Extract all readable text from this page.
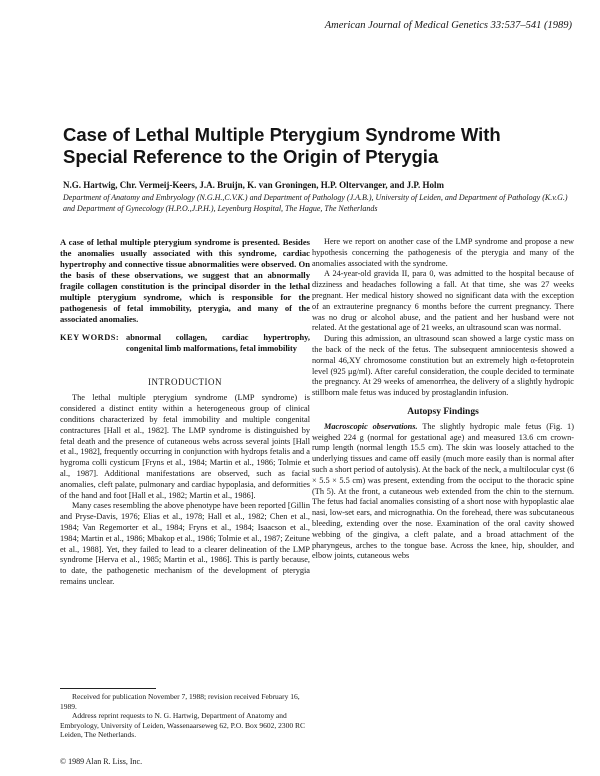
American Journal of Medical Genetics 33:537–541 (1989)
Case of Lethal Multiple Pterygium Syndrome With Special Reference to the Origin of Pterygia
N.G. Hartwig, Chr. Vermeij-Keers, J.A. Bruijn, K. van Groningen, H.P. Oltervanger, and J.P. Holm
Department of Anatomy and Embryology (N.G.H.,C.V.K.) and Department of Pathology (J.A.B.), University of Leiden, and Department of Pathology (K.v.G.) and Department of Gynecology (H.P.O.,J.P.H.), Leyenburg Hospital, The Hague, The Netherlands

A case of lethal multiple pterygium syndrome is presented. Besides the anomalies usually associated with this syndrome, cardiac hypertrophy and connective tissue abnormalities were observed. On the basis of these observations, we suggest that an abnormally fragile collagen constitution is the principal disorder in the lethal multiple pterygium syndrome, which is responsible for the pathogenesis of fetal immobility, pterygia, and many of the associated anomalies.

KEY WORDS: abnormal collagen, cardiac hypertrophy, congenital limb malformations, fetal immobility
INTRODUCTION

The lethal multiple pterygium syndrome (LMP syndrome) is considered a distinct entity within a heterogeneous group of clinical conditions characterized by fetal immobility and multiple congenital contractures [Hall et al., 1982]. The LMP syndrome is distinguished by fetal death and the presence of cutaneous webs across several joints [Hall et al., 1982], frequently occurring in conjunction with hydrops fetalis and a hygroma colli cysticum [Fryns et al., 1984; Martin et al., 1986; Tolmie et al., 1987]. Additional manifestations are observed, such as facial anomalies, cleft palate, pulmonary and cardiac hypoplasia, and deformities of the hand and foot [Hall et al., 1982; Martin et al., 1986].

Many cases resembling the above phenotype have been reported [Gillin and Pryse-Davis, 1976; Elias et al., 1978; Hall et al., 1982; Chen et al., 1984; Van Regemorter et al., 1984; Fryns et al., 1984; Isaacson et al., 1984; Martin et al., 1986; Mbakop et al., 1986; Tolmie et al., 1987; Zeitune et al., 1988]. Yet, they failed to lead to a clearer delineation of the LMP syndrome [Herva et al., 1985; Martin et al., 1986]. This is partly because, to date, the pathogenetic mechanism of the development of pterygia remains unclear.

Here we report on another case of the LMP syndrome and propose a new hypothesis concerning the pathogenesis of the pterygia and many of the anomalies associated with the syndrome.

A 24-year-old gravida II, para 0, was admitted to the hospital because of dizziness and headaches following a fall. At that time, she was 27 weeks pregnant. Her medical history showed no significant data with the exception of an extrauterine pregnancy 6 months before the current pregnancy. There was no drug or alcohol abuse, and the patient and her husband were not related. At the gestational age of 21 weeks, an ultrasound scan was normal.

During this admission, an ultrasound scan showed a large cystic mass on the back of the neck of the fetus. The subsequent amniocentesis showed a normal 46,XY chromosome constitution but an extremely high α-fetoprotein level (925 μg/ml). After careful consideration, the couple decided to terminate the pregnancy. At 29 weeks of amenorrhea, the delivery of a slightly hydropic stillborn male fetus was induced by prostaglandin infusion.

Autopsy Findings

Macroscopic observations. The slightly hydropic male fetus (Fig. 1) weighed 224 g (normal for gestational age) and measured 13.6 cm crown-rump length (normal length 15.5 cm). The skin was loosely attached to the underlying tissues and came off easily (much more easily than is normal after such a short period of autolysis). At the back of the neck, a multilocular cyst (6 × 5.5 × 5.5 cm) was present, extending from the occiput to the thoracic spine (Th 5). At the front, a cutaneous web extended from the chin to the sternum. The fetus had facial anomalies consisting of a short nose with hypoplastic alae nasi, low-set ears, and micrognathia. On the forehead, there was subcutaneous bleeding, extending over the nose. Examination of the oral cavity showed webbing of the gingiva, a cleft palate, and a broad attachment of the pharyngeus, arches to the tongue base. Across the knee, hip, shoulder, and elbow joints, cutaneous webs

Received for publication November 7, 1988; revision received February 16, 1989.

Address reprint requests to N. G. Hartwig, Department of Anatomy and Embryology, University of Leiden, Wassenaarseweg 62, P.O. Box 9602, 2300 RC Leiden, The Netherlands.

© 1989 Alan R. Liss, Inc.
